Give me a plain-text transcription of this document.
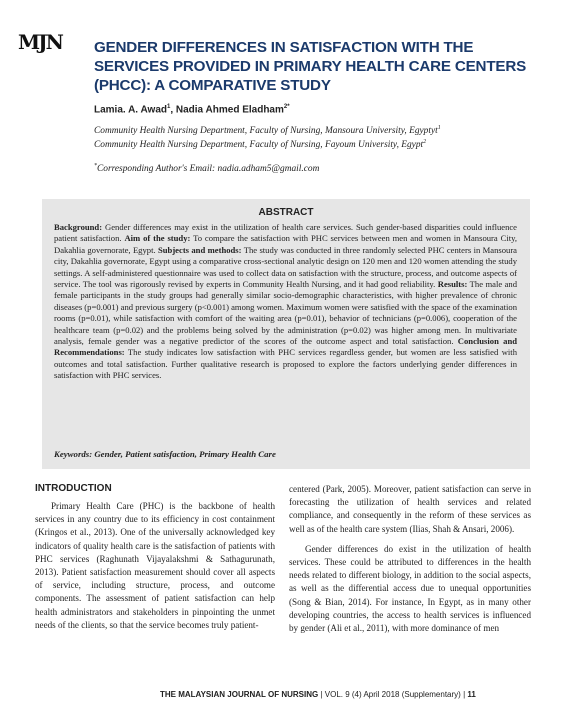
MJN GENDER DIFFERENCES IN SATISFACTION WITH THE SERVICES PROVIDED IN PRIMARY HEALTH CARE CENTERS (PHCC): A COMPARATIVE STUDY
Lamia. A. Awad$^1$, Nadia Ahmed Eladham$^{2*}$
Community Health Nursing Department, Faculty of Nursing, Mansoura University, Egyptyt$^1$
Community Health Nursing Department, Faculty of Nursing, Fayoum University, Egypt$^2$
*Corresponding Author's Email: nadia.adham5@gmail.com
ABSTRACT
Background: Gender differences may exist in the utilization of health care services. Such gender-based disparities could influence patient satisfaction. Aim of the study: To compare the satisfaction with PHC services between men and women in Mansoura City, Dakahlia governorate, Egypt. Subjects and methods: The study was conducted in three randomly selected PHC centers in Mansoura city, Dakahlia governorate, Egypt using a comparative cross-sectional analytic design on 120 men and 120 women attending the study settings. A self-administered questionnaire was used to collect data on satisfaction with the structure, process, and outcome aspects of service. The tool was rigorously revised by experts in Community Health Nursing, and it had good reliability. Results: The male and female participants in the study groups had generally similar socio-demographic characteristics, with higher prevalence of chronic diseases (p=0.001) and previous surgery (p<0.001) among women. Maximum women were satisfied with the space of the examination rooms (p=0.01), while satisfaction with comfort of the waiting area (p=0.01), behavior of technicians (p=0.006), cooperation of the healthcare team (p=0.02) and the problems being solved by the administration (p=0.02) was higher among men. In multivariate analysis, female gender was a negative predictor of the scores of the outcome aspect and total satisfaction. Conclusion and Recommendations: The study indicates low satisfaction with PHC services regardless gender, but women are less satisfied with outcomes and total satisfaction. Further qualitative research is proposed to explore the factors underlying gender differences in satisfaction with PHC services.
Keywords: Gender, Patient satisfaction, Primary Health Care
INTRODUCTION
Primary Health Care (PHC) is the backbone of health services in any country due to its efficiency in cost containment (Kringos et al., 2013). One of the universally acknowledged key indicators of quality health care is the satisfaction of patients with PHC services (Raghunath Vijayalakshmi & Sathagurunath, 2013). Patient satisfaction measurement should cover all aspects of service, including structure, process, and outcome components. The assessment of patient satisfaction can help health administrators and stakeholders in pinpointing the unmet needs of the clients, so that the service becomes truly patient-

centered (Park, 2005). Moreover, patient satisfaction can serve in forecasting the utilization of health services and related compliance, and consequently in the reform of these services as well as of the health care system (Ilias, Shah & Ansari, 2006).

Gender differences do exist in the utilization of health services. These could be attributed to differences in the health needs related to different biology, in addition to the social aspects, as well as the differential access due to unequal opportunities (Song & Bian, 2014). For instance, In Egypt, as in many other developing countries, the access to health services is influenced by gender (Ali et al., 2011), with more dominance of men

THE MALAYSIAN JOURNAL OF NURSING | VOL. 9 (4) April 2018 (Supplementary) | 11
